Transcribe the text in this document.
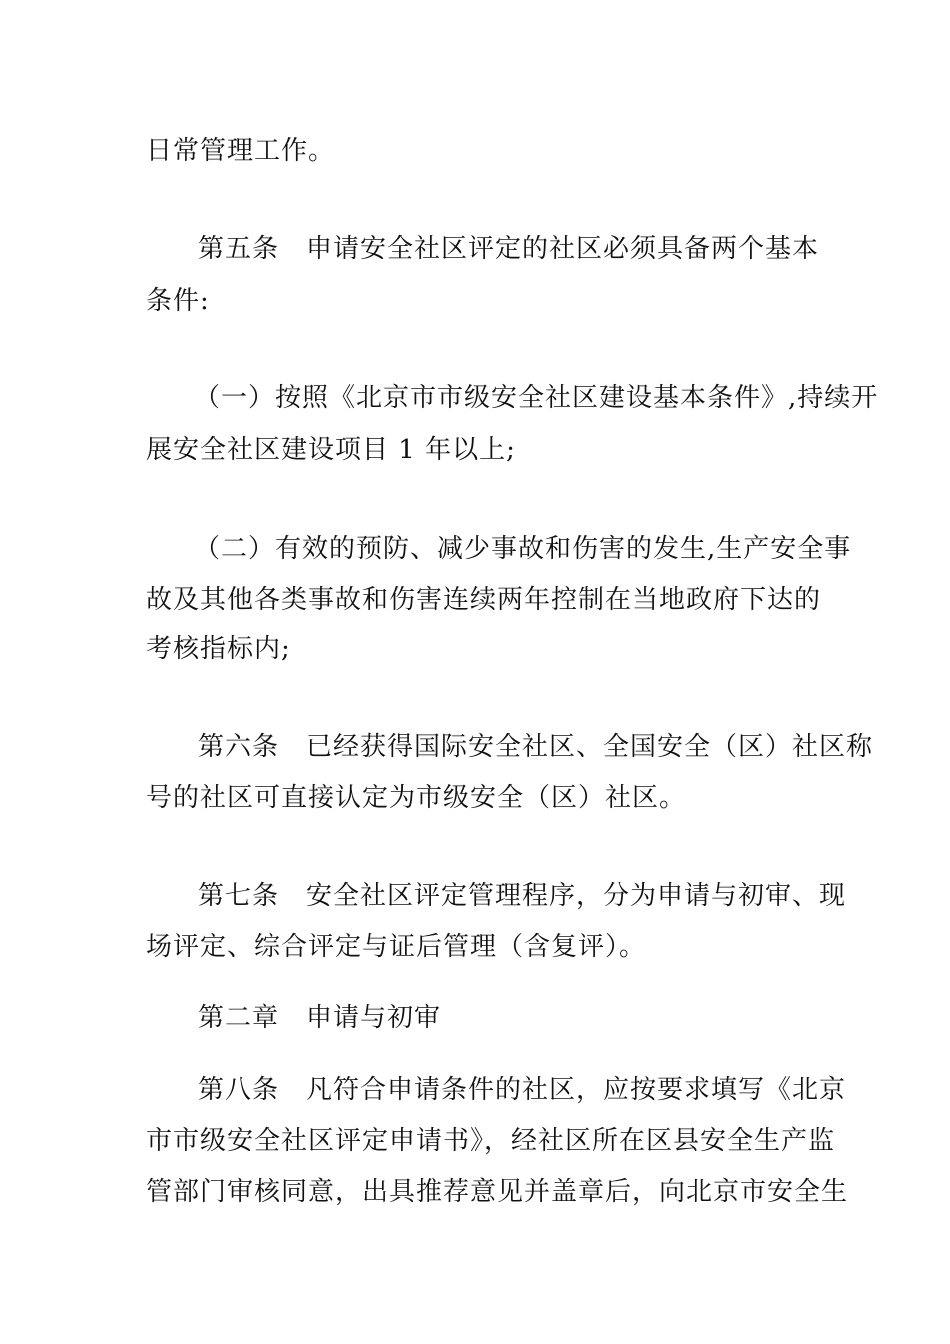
日常管理工作。
第五条　申请安全社区评定的社区必须具备两个基本
条件:
（一）按照《北京市市级安全社区建设基本条件》,持续开
展安全社区建设项目 1 年以上;
（二）有效的预防、减少事故和伤害的发生,生产安全事
故及其他各类事故和伤害连续两年控制在当地政府下达的
考核指标内;
第六条　已经获得国际安全社区、全国安全（区）社区称
号的社区可直接认定为市级安全（区）社区。
第七条　安全社区评定管理程序，分为申请与初审、现
场评定、综合评定与证后管理（含复评）。
第二章　申请与初审
第八条　凡符合申请条件的社区，应按要求填写《北京
市市级安全社区评定申请书》，经社区所在区县安全生产监
管部门审核同意，出具推荐意见并盖章后，向北京市安全生
